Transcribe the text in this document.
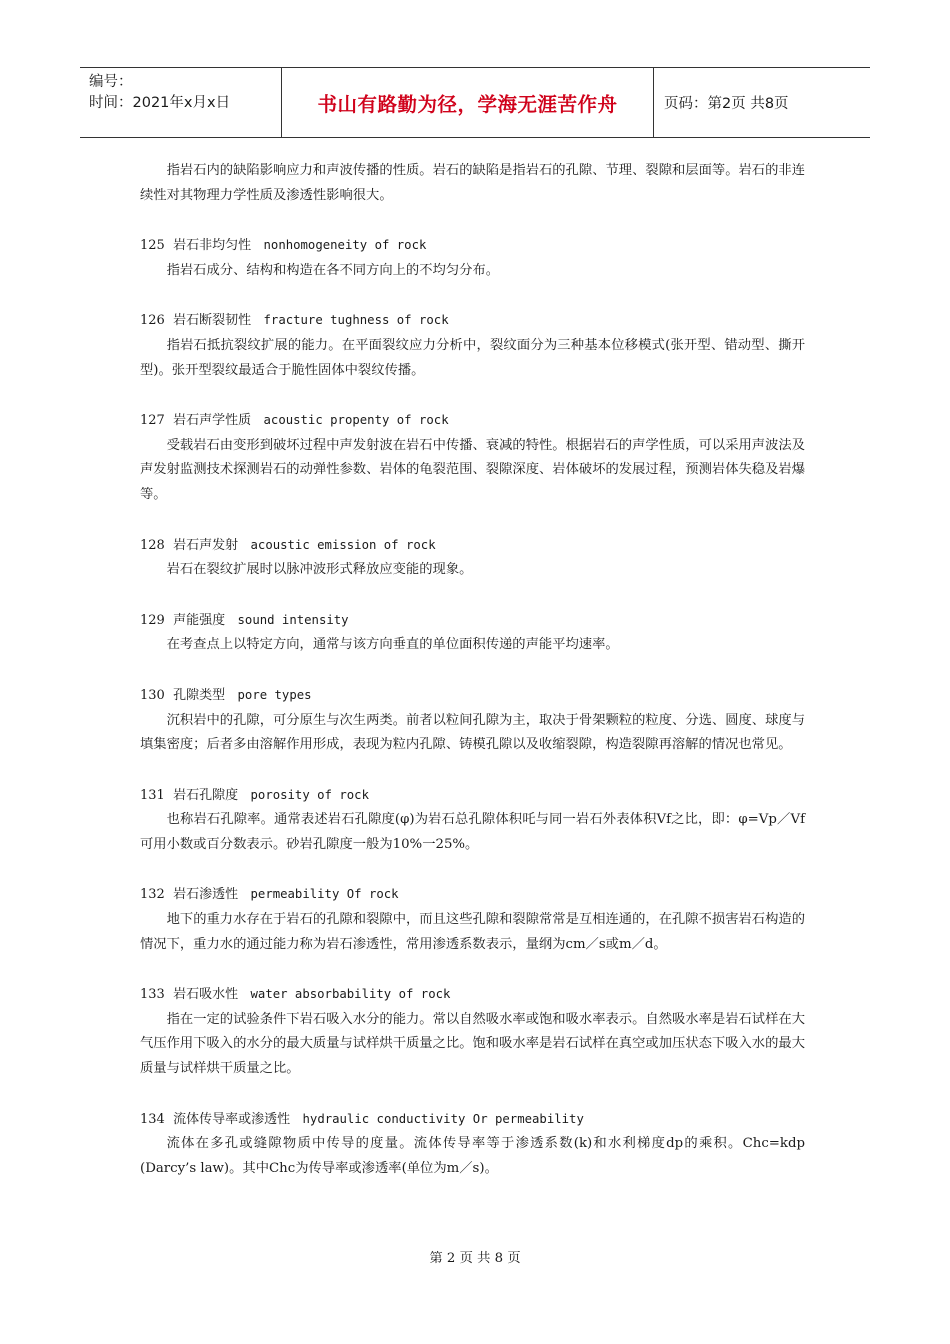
编号：
时间：2021年x月x日	书山有路勤为径，学海无涯苦作舟	页码：第2页 共8页

指岩石内的缺陷影响应力和声波传播的性质。岩石的缺陷是指岩石的孔隙、节理、裂隙和层面等。岩石的非连续性对其物理力学性质及渗透性影响很大。

125 岩石非均匀性 nonhomogeneity of rock

指岩石成分、结构和构造在各不同方向上的不均匀分布。

126 岩石断裂韧性 fracture tughness of rock

指岩石抵抗裂纹扩展的能力。在平面裂纹应力分析中，裂纹面分为三种基本位移模式(张开型、错动型、撕开型)。张开型裂纹最适合于脆性固体中裂纹传播。

127 岩石声学性质 acoustic propenty of rock

受载岩石由变形到破坏过程中声发射波在岩石中传播、衰减的特性。根据岩石的声学性质，可以采用声波法及声发射监测技术探测岩石的动弹性参数、岩体的龟裂范围、裂隙深度、岩体破坏的发展过程，预测岩体失稳及岩爆等。

128 岩石声发射 acoustic emission of rock

岩石在裂纹扩展时以脉冲波形式释放应变能的现象。

129 声能强度 sound intensity

在考查点上以特定方向，通常与该方向垂直的单位面积传递的声能平均速率。

130 孔隙类型 pore types

沉积岩中的孔隙，可分原生与次生两类。前者以粒间孔隙为主，取决于骨架颗粒的粒度、分选、圆度、球度与填集密度；后者多由溶解作用形成，表现为粒内孔隙、铸模孔隙以及收缩裂隙，构造裂隙再溶解的情况也常见。

131 岩石孔隙度 porosity of rock

也称岩石孔隙率。通常表述岩石孔隙度(φ)为岩石总孔隙体积吒与同一岩石外表体积Vf之比，即：φ=Vp／Vf可用小数或百分数表示。砂岩孔隙度一般为10%一25%。

132 岩石渗透性 permeability Of rock

地下的重力水存在于岩石的孔隙和裂隙中，而且这些孔隙和裂隙常常是互相连通的，在孔隙不损害岩石构造的情况下，重力水的通过能力称为岩石渗透性，常用渗透系数表示，量纲为cm／s或m／d。

133 岩石吸水性 water absorbability of rock

指在一定的试验条件下岩石吸入水分的能力。常以自然吸水率或饱和吸水率表示。自然吸水率是岩石试样在大气压作用下吸入的水分的最大质量与试样烘干质量之比。饱和吸水率是岩石试样在真空或加压状态下吸入水的最大质量与试样烘干质量之比。

134 流体传导率或渗透性 hydraulic conductivity Or permeability

流体在多孔或缝隙物质中传导的度量。流体传导率等于渗透系数(k)和水利梯度dp的乘积。Chc=kdp (Darcy’s law)。其中Chc为传导率或渗透率(单位为m／s)。

第 2 页 共 8 页
